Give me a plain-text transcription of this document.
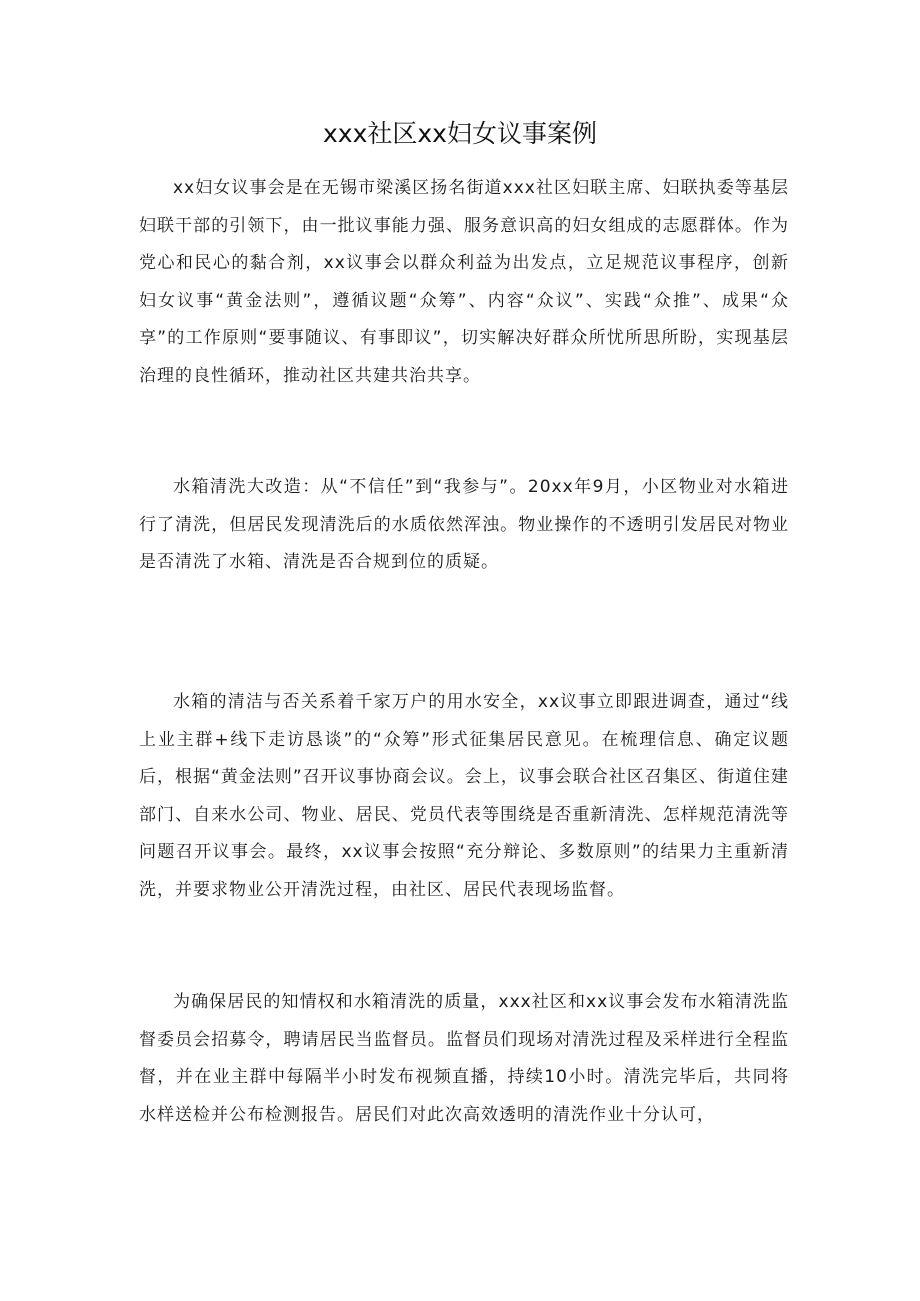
xxx社区xx妇女议事案例

xx妇女议事会是在无锡市梁溪区扬名街道xxx社区妇联主席、妇联执委等基层妇联干部的引领下，由一批议事能力强、服务意识高的妇女组成的志愿群体。作为党心和民心的黏合剂，xx议事会以群众利益为出发点，立足规范议事程序，创新妇女议事“黄金法则”，遵循议题“众筹”、内容“众议”、实践“众推”、成果“众享”的工作原则“要事随议、有事即议”，切实解决好群众所忧所思所盼，实现基层治理的良性循环，推动社区共建共治共享。

水箱清洗大改造：从“不信任”到“我参与”。20xx年9月，小区物业对水箱进行了清洗，但居民发现清洗后的水质依然浑浊。物业操作的不透明引发居民对物业是否清洗了水箱、清洗是否合规到位的质疑。

水箱的清洁与否关系着千家万户的用水安全，xx议事立即跟进调查，通过“线上业主群+线下走访恳谈”的“众筹”形式征集居民意见。在梳理信息、确定议题后，根据“黄金法则”召开议事协商会议。会上，议事会联合社区召集区、街道住建部门、自来水公司、物业、居民、党员代表等围绕是否重新清洗、怎样规范清洗等问题召开议事会。最终，xx议事会按照“充分辩论、多数原则”的结果力主重新清洗，并要求物业公开清洗过程，由社区、居民代表现场监督。

为确保居民的知情权和水箱清洗的质量，xxx社区和xx议事会发布水箱清洗监督委员会招募令，聘请居民当监督员。监督员们现场对清洗过程及采样进行全程监督，并在业主群中每隔半小时发布视频直播，持续10小时。清洗完毕后，共同将水样送检并公布检测报告。居民们对此次高效透明的清洗作业十分认可，
